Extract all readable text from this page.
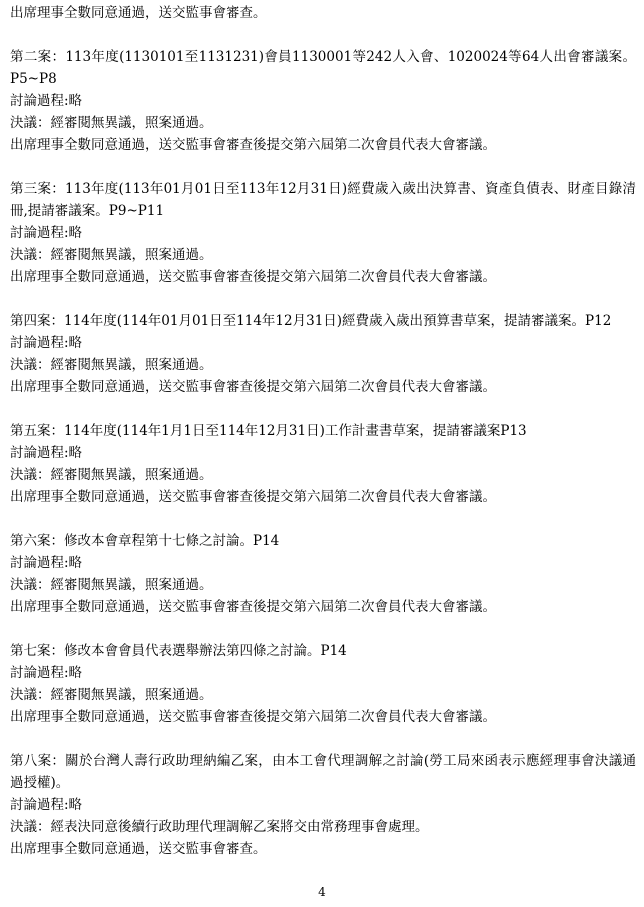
出席理事全數同意通過，送交監事會審查。
第二案：113年度(1130101至1131231)會員1130001等242人入會、1020024等64人出會審議案。P5~P8
討論過程:略
決議：經審閱無異議，照案通過。
出席理事全數同意通過，送交監事會審查後提交第六屆第二次會員代表大會審議。
第三案：113年度(113年01月01日至113年12月31日)經費歲入歲出決算書、資產負債表、財產目錄清冊,提請審議案。P9~P11
討論過程:略
決議：經審閱無異議，照案通過。
出席理事全數同意通過，送交監事會審查後提交第六屆第二次會員代表大會審議。
第四案：114年度(114年01月01日至114年12月31日)經費歲入歲出預算書草案，提請審議案。P12
討論過程:略
決議：經審閱無異議，照案通過。
出席理事全數同意通過，送交監事會審查後提交第六屆第二次會員代表大會審議。
第五案：114年度(114年1月1日至114年12月31日)工作計畫書草案，提請審議案P13
討論過程:略
決議：經審閱無異議，照案通過。
出席理事全數同意通過，送交監事會審查後提交第六屆第二次會員代表大會審議。
第六案：修改本會章程第十七條之討論。P14
討論過程:略
決議：經審閱無異議，照案通過。
出席理事全數同意通過，送交監事會審查後提交第六屆第二次會員代表大會審議。
第七案：修改本會會員代表選舉辦法第四條之討論。P14
討論過程:略
決議：經審閱無異議，照案通過。
出席理事全數同意通過，送交監事會審查後提交第六屆第二次會員代表大會審議。
第八案：關於台灣人壽行政助理納編乙案，由本工會代理調解之討論(勞工局來函表示應經理事會決議通過授權)。
討論過程:略
決議：經表決同意後續行政助理代理調解乙案將交由常務理事會處理。
出席理事全數同意通過，送交監事會審查。
4
